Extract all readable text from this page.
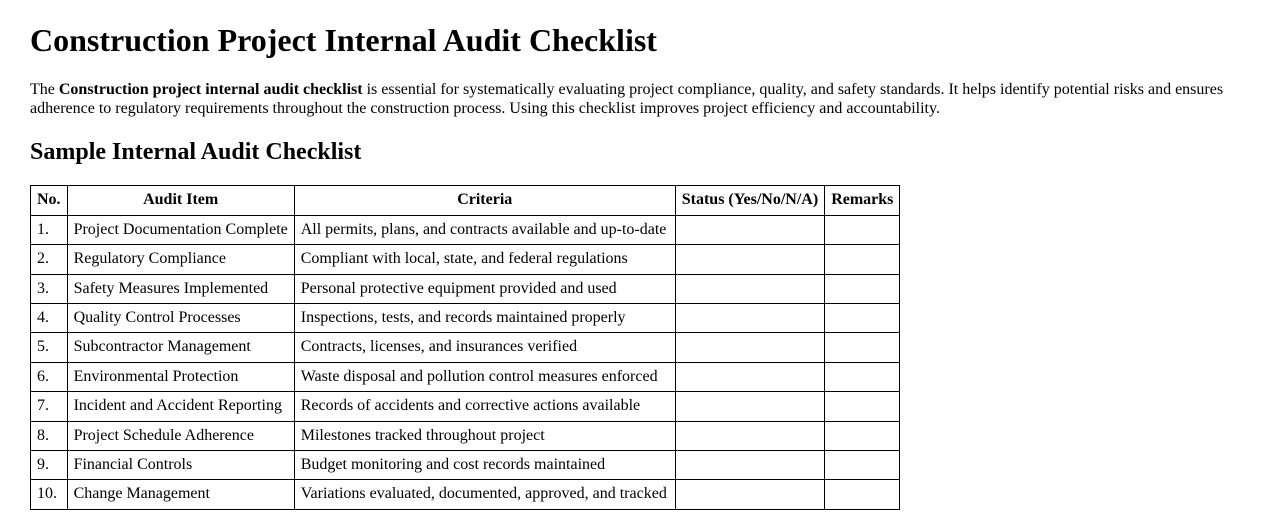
Construction Project Internal Audit Checklist

The Construction project internal audit checklist is essential for systematically evaluating project compliance, quality, and safety standards. It helps identify potential risks and ensures adherence to regulatory requirements throughout the construction process. Using this checklist improves project efficiency and accountability.

Sample Internal Audit Checklist
No.	Audit Item	Criteria	Status (Yes/No/N/A)	Remarks
1.	Project Documentation Complete	All permits, plans, and contracts available and up-to-date		
2.	Regulatory Compliance	Compliant with local, state, and federal regulations		
3.	Safety Measures Implemented	Personal protective equipment provided and used		
4.	Quality Control Processes	Inspections, tests, and records maintained properly		
5.	Subcontractor Management	Contracts, licenses, and insurances verified		
6.	Environmental Protection	Waste disposal and pollution control measures enforced		
7.	Incident and Accident Reporting	Records of accidents and corrective actions available		
8.	Project Schedule Adherence	Milestones tracked throughout project		
9.	Financial Controls	Budget monitoring and cost records maintained		
10.	Change Management	Variations evaluated, documented, approved, and tracked		
